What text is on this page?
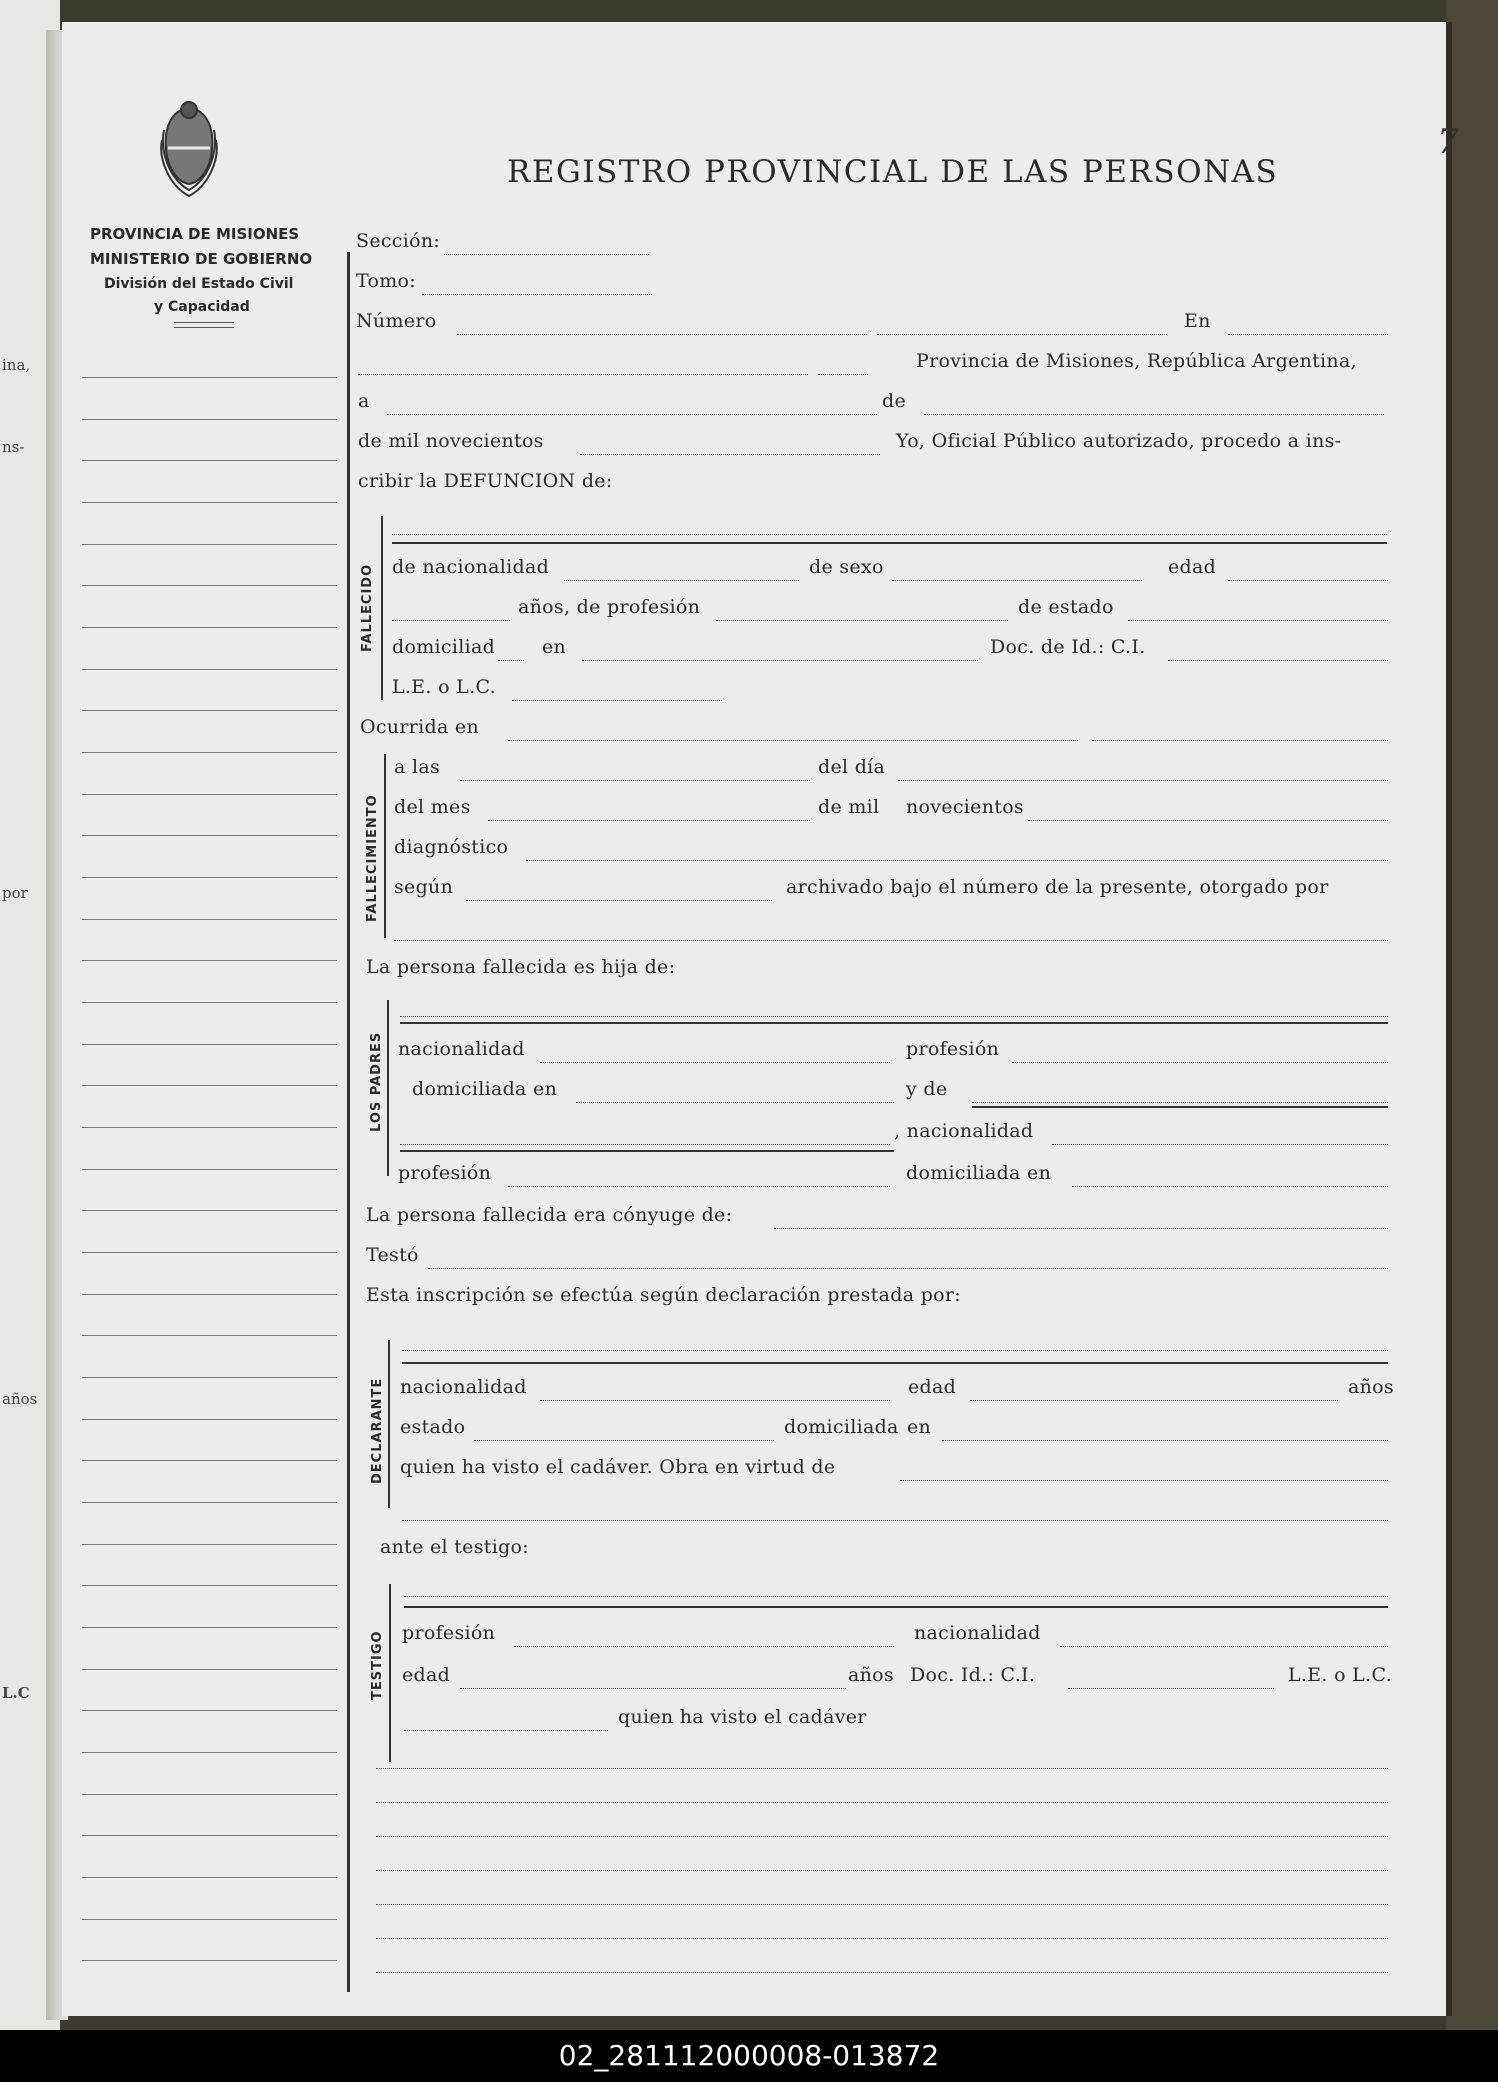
ina,
ns-
por
años
L.C
REGISTRO PROVINCIAL DE LAS PERSONAS
7
PROVINCIA DE MISIONES
MINISTERIO DE GOBIERNO
División del Estado Civil
y Capacidad
Sección:
Tomo:
Número	En
Provincia de Misiones, República Argentina,
a	de
de mil novecientos	Yo, Oficial Público autorizado, procedo a ins-
cribir la DEFUNCION de:
FALLECIDO de nacionalidad	de sexo	edad
años, de profesión	de estado
domiciliad en	Doc. de Id.: C.I.
L.E. o L.C.
Ocurrida en
FALLECIMIENTO
a las	del día
del mes	de mil novecientos
diagnóstico
según	archivado bajo el número de la presente, otorgado por
La persona fallecida es hija de:
LOS PADRES nacionalidad	profesión
domiciliada en	y de
, nacionalidad
profesión	domiciliada en
La persona fallecida era cónyuge de:
Testó
Esta inscripción se efectúa según declaración prestada por:
DECLARANTE nacionalidad	edad	años
estado	domiciliada en
quien ha visto el cadáver. Obra en virtud de
ante el testigo:
TESTIGO profesión	nacionalidad
edad	años Doc. Id.: C.I.	L.E. o L.C.
quien ha visto el cadáver
02_281112000008-013872
